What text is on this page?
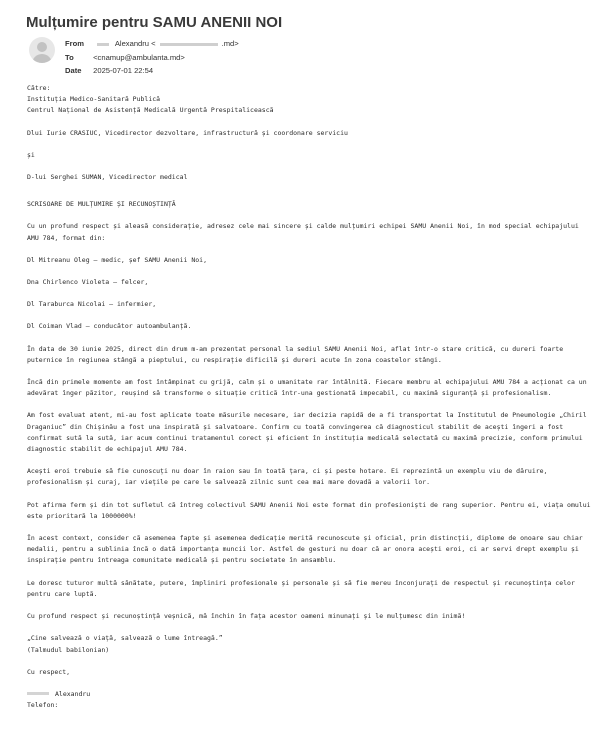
Mulțumire pentru SAMU ANENII NOI
From	Alexandru <	.md>
To	<cnamup@ambulanta.md>
Date 2025-07-01 22:54

Către:
Instituția Medico-Sanitară Publică
Centrul Național de Asistență Medicală Urgentă Prespitalicească

Dlui Iurie CRASIUC, Vicedirector dezvoltare, infrastructură și coordonare serviciu

și

D-lui Serghei SUMAN, Vicedirector medical

SCRISOARE DE MULȚUMIRE ȘI RECUNOȘTINȚĂ

Cu un profund respect și aleasă considerație, adresez cele mai sincere și calde mulțumiri echipei SAMU Anenii Noi, în mod special echipajului AMU 784, format din:

Dl Mitreanu Oleg – medic, șef SAMU Anenii Noi,

Dna Chirlenco Violeta – felcer,

Dl Taraburca Nicolai – infermier,

Dl Coiman Vlad – conducător autoambulanță.

În data de 30 iunie 2025, direct din drum m-am prezentat personal la sediul SAMU Anenii Noi, aflat într-o stare critică, cu dureri foarte puternice în regiunea stângă a pieptului, cu respirație dificilă și dureri acute în zona coastelor stângi.

Încă din primele momente am fost întâmpinat cu grijă, calm și o umanitate rar întâlnită. Fiecare membru al echipajului AMU 784 a acționat ca un adevărat înger păzitor, reușind să transforme o situație critică într-una gestionată impecabil, cu maximă siguranță și profesionalism.

Am fost evaluat atent, mi-au fost aplicate toate măsurile necesare, iar decizia rapidă de a fi transportat la Institutul de Pneumologie „Chiril Draganiuc” din Chișinău a fost una inspirată și salvatoare. Confirm cu toată convingerea că diagnosticul stabilit de acești îngeri a fost confirmat sută la sută, iar acum continui tratamentul corect și eficient în instituția medicală selectată cu maximă precizie, conform primului diagnostic stabilit de echipajul AMU 784.

Acești eroi trebuie să fie cunoscuți nu doar în raion sau în toată țara, ci și peste hotare. Ei reprezintă un exemplu viu de dăruire, profesionalism și curaj, iar viețile pe care le salvează zilnic sunt cea mai mare dovadă a valorii lor.

Pot afirma ferm și din tot sufletul că întreg colectivul SAMU Anenii Noi este format din profesioniști de rang superior. Pentru ei, viața omului este prioritară la 1000000%!

În acest context, consider că asemenea fapte și asemenea dedicație merită recunoscute și oficial, prin distincții, diplome de onoare sau chiar medalii, pentru a sublinia încă o dată importanța muncii lor. Astfel de gesturi nu doar că ar onora acești eroi, ci ar servi drept exemplu și inspirație pentru întreaga comunitate medicală și pentru societate în ansamblu.

Le doresc tuturor multă sănătate, putere, împliniri profesionale și personale și să fie mereu înconjurați de respectul și recunoștința celor pentru care luptă.

Cu profund respect și recunoștință veșnică, mă închin în fața acestor oameni minunați și le mulțumesc din inimă!

„Cine salvează o viață, salvează o lume întreagă.”
(Talmudul babilonian)

Cu respect,

Alexandru

Telefon:
